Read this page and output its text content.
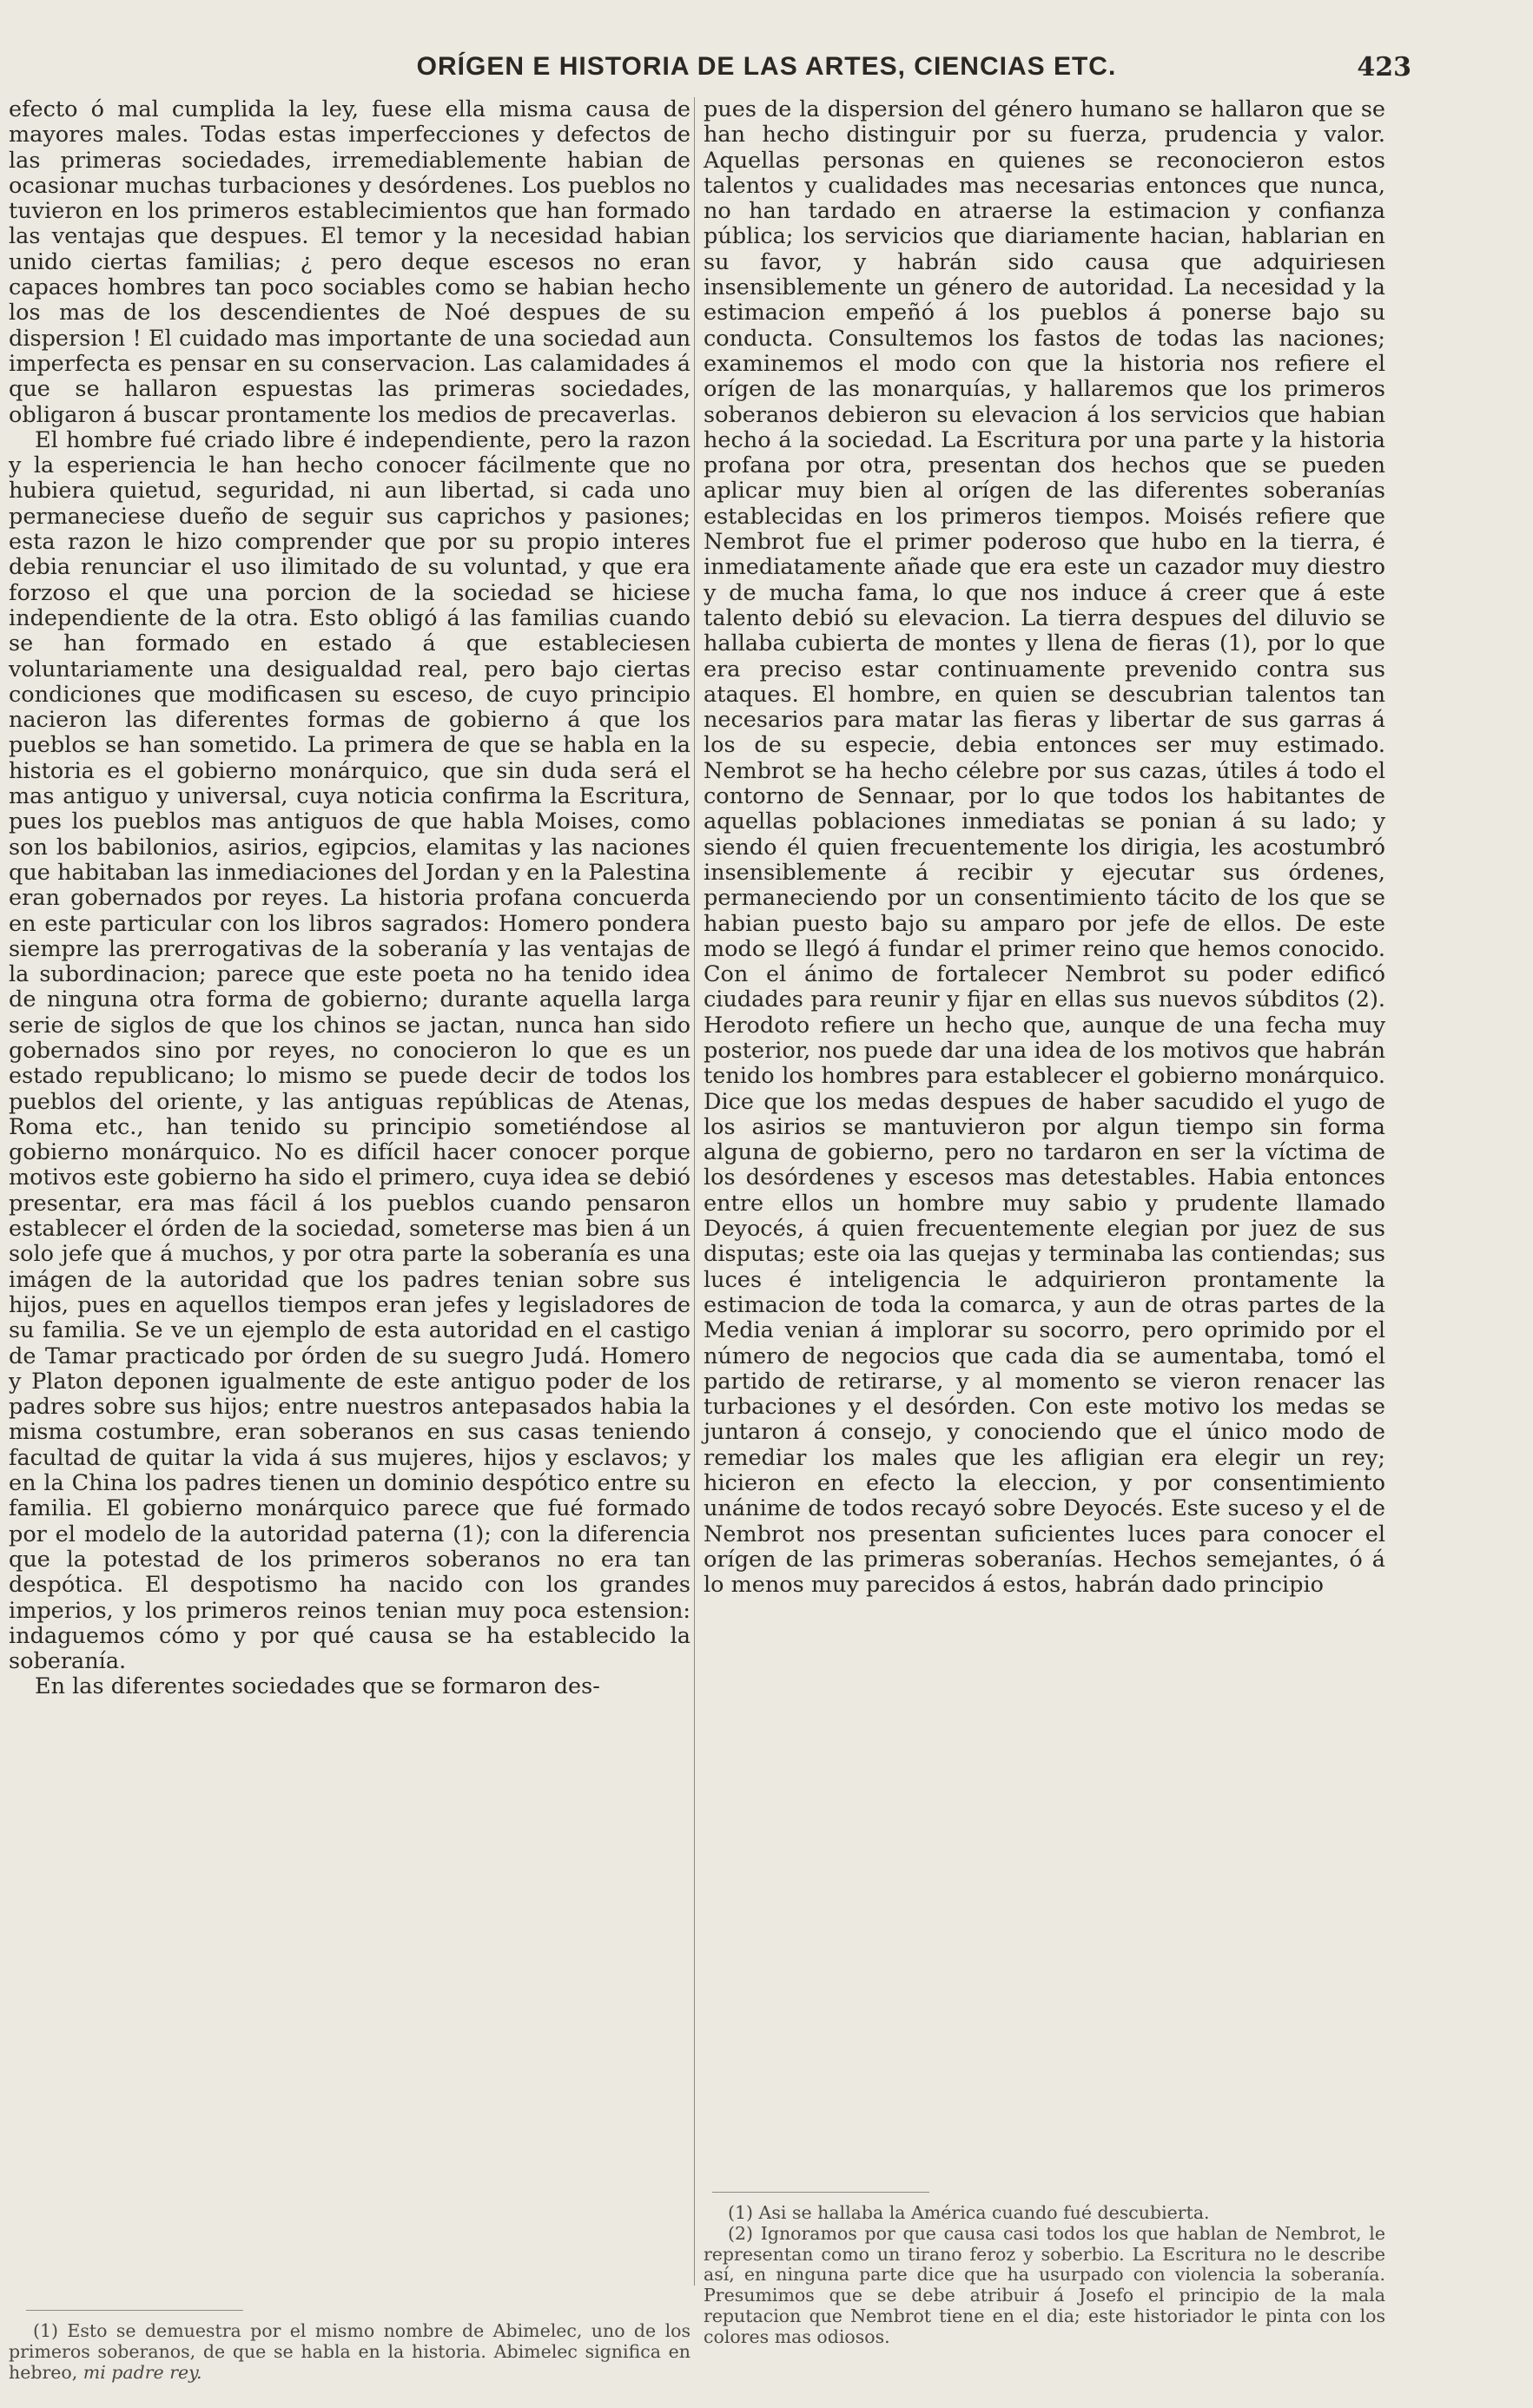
ORÍGEN E HISTORIA DE LAS ARTES, CIENCIAS ETC.	423

efecto ó mal cumplida la ley, fuese ella misma causa de mayores males. Todas estas imperfecciones y defectos de las primeras sociedades, irremediablemente habian de ocasionar muchas turbaciones y desórdenes. Los pueblos no tuvieron en los primeros establecimientos que han formado las ventajas que despues. El temor y la necesidad habian unido ciertas familias; ¿ pero deque escesos no eran capaces hombres tan poco sociables como se habian hecho los mas de los descendientes de Noé despues de su dispersion ! El cuidado mas importante de una sociedad aun imperfecta es pensar en su conservacion. Las calamidades á que se hallaron espuestas las primeras sociedades, obligaron á buscar prontamente los medios de precaverlas.

El hombre fué criado libre é independiente, pero la razon y la esperiencia le han hecho conocer fácilmente que no hubiera quietud, seguridad, ni aun libertad, si cada uno permaneciese dueño de seguir sus caprichos y pasiones; esta razon le hizo comprender que por su propio interes debia renunciar el uso ilimitado de su voluntad, y que era forzoso el que una porcion de la sociedad se hiciese independiente de la otra. Esto obligó á las familias cuando se han formado en estado á que estableciesen voluntariamente una desigualdad real, pero bajo ciertas condiciones que modificasen su esceso, de cuyo principio nacieron las diferentes formas de gobierno á que los pueblos se han sometido. La primera de que se habla en la historia es el gobierno monárquico, que sin duda será el mas antiguo y universal, cuya noticia confirma la Escritura, pues los pueblos mas antiguos de que habla Moises, como son los babilonios, asirios, egipcios, elamitas y las naciones que habitaban las inmediaciones del Jordan y en la Palestina eran gobernados por reyes. La historia profana concuerda en este particular con los libros sagrados: Homero pondera siempre las prerrogativas de la soberanía y las ventajas de la subordinacion; parece que este poeta no ha tenido idea de ninguna otra forma de gobierno; durante aquella larga serie de siglos de que los chinos se jactan, nunca han sido gobernados sino por reyes, no conocieron lo que es un estado republicano; lo mismo se puede decir de todos los pueblos del oriente, y las antiguas repúblicas de Atenas, Roma etc., han tenido su principio sometiéndose al gobierno monárquico. No es difícil hacer conocer porque motivos este gobierno ha sido el primero, cuya idea se debió presentar, era mas fácil á los pueblos cuando pensaron establecer el órden de la sociedad, someterse mas bien á un solo jefe que á muchos, y por otra parte la soberanía es una imágen de la autoridad que los padres tenian sobre sus hijos, pues en aquellos tiempos eran jefes y legisladores de su familia. Se ve un ejemplo de esta autoridad en el castigo de Tamar practicado por órden de su suegro Judá. Homero y Platon deponen igualmente de este antiguo poder de los padres sobre sus hijos; entre nuestros antepasados habia la misma costumbre, eran soberanos en sus casas teniendo facultad de quitar la vida á sus mujeres, hijos y esclavos; y en la China los padres tienen un dominio despótico entre su familia. El gobierno monárquico parece que fué formado por el modelo de la autoridad paterna (1); con la diferencia que la potestad de los primeros soberanos no era tan despótica. El despotismo ha nacido con los grandes imperios, y los primeros reinos tenian muy poca estension: indaguemos cómo y por qué causa se ha establecido la soberanía.

En las diferentes sociedades que se formaron des-

(1) Esto se demuestra por el mismo nombre de Abimelec, uno de los primeros soberanos, de que se habla en la historia. Abimelec significa en hebreo, mi padre rey.

pues de la dispersion del género humano se hallaron que se han hecho distinguir por su fuerza, prudencia y valor. Aquellas personas en quienes se reconocieron estos talentos y cualidades mas necesarias entonces que nunca, no han tardado en atraerse la estimacion y confianza pública; los servicios que diariamente hacian, hablarian en su favor, y habrán sido causa que adquiriesen insensiblemente un género de autoridad. La necesidad y la estimacion empeñó á los pueblos á ponerse bajo su conducta. Consultemos los fastos de todas las naciones; examinemos el modo con que la historia nos refiere el orígen de las monarquías, y hallaremos que los primeros soberanos debieron su elevacion á los servicios que habian hecho á la sociedad. La Escritura por una parte y la historia profana por otra, presentan dos hechos que se pueden aplicar muy bien al orígen de las diferentes soberanías establecidas en los primeros tiempos. Moisés refiere que Nembrot fue el primer poderoso que hubo en la tierra, é inmediatamente añade que era este un cazador muy diestro y de mucha fama, lo que nos induce á creer que á este talento debió su elevacion. La tierra despues del diluvio se hallaba cubierta de montes y llena de fieras (1), por lo que era preciso estar continuamente prevenido contra sus ataques. El hombre, en quien se descubrian talentos tan necesarios para matar las fieras y libertar de sus garras á los de su especie, debia entonces ser muy estimado. Nembrot se ha hecho célebre por sus cazas, útiles á todo el contorno de Sennaar, por lo que todos los habitantes de aquellas poblaciones inmediatas se ponian á su lado; y siendo él quien frecuentemente los dirigia, les acostumbró insensiblemente á recibir y ejecutar sus órdenes, permaneciendo por un consentimiento tácito de los que se habian puesto bajo su amparo por jefe de ellos. De este modo se llegó á fundar el primer reino que hemos conocido. Con el ánimo de fortalecer Nembrot su poder edificó ciudades para reunir y fijar en ellas sus nuevos súbditos (2). Herodoto refiere un hecho que, aunque de una fecha muy posterior, nos puede dar una idea de los motivos que habrán tenido los hombres para establecer el gobierno monárquico. Dice que los medas despues de haber sacudido el yugo de los asirios se mantuvieron por algun tiempo sin forma alguna de gobierno, pero no tardaron en ser la víctima de los desórdenes y escesos mas detestables. Habia entonces entre ellos un hombre muy sabio y prudente llamado Deyocés, á quien frecuentemente elegian por juez de sus disputas; este oia las quejas y terminaba las contiendas; sus luces é inteligencia le adquirieron prontamente la estimacion de toda la comarca, y aun de otras partes de la Media venian á implorar su socorro, pero oprimido por el número de negocios que cada dia se aumentaba, tomó el partido de retirarse, y al momento se vieron renacer las turbaciones y el desórden. Con este motivo los medas se juntaron á consejo, y conociendo que el único modo de remediar los males que les afligian era elegir un rey; hicieron en efecto la eleccion, y por consentimiento unánime de todos recayó sobre Deyocés. Este suceso y el de Nembrot nos presentan suficientes luces para conocer el orígen de las primeras soberanías. Hechos semejantes, ó á lo menos muy parecidos á estos, habrán dado principio

(1) Asi se hallaba la América cuando fué descubierta.

(2) Ignoramos por que causa casi todos los que hablan de Nembrot, le representan como un tirano feroz y soberbio. La Escritura no le describe así, en ninguna parte dice que ha usurpado con violencia la soberanía. Presumimos que se debe atribuir á Josefo el principio de la mala reputacion que Nembrot tiene en el dia; este historiador le pinta con los colores mas odiosos.
